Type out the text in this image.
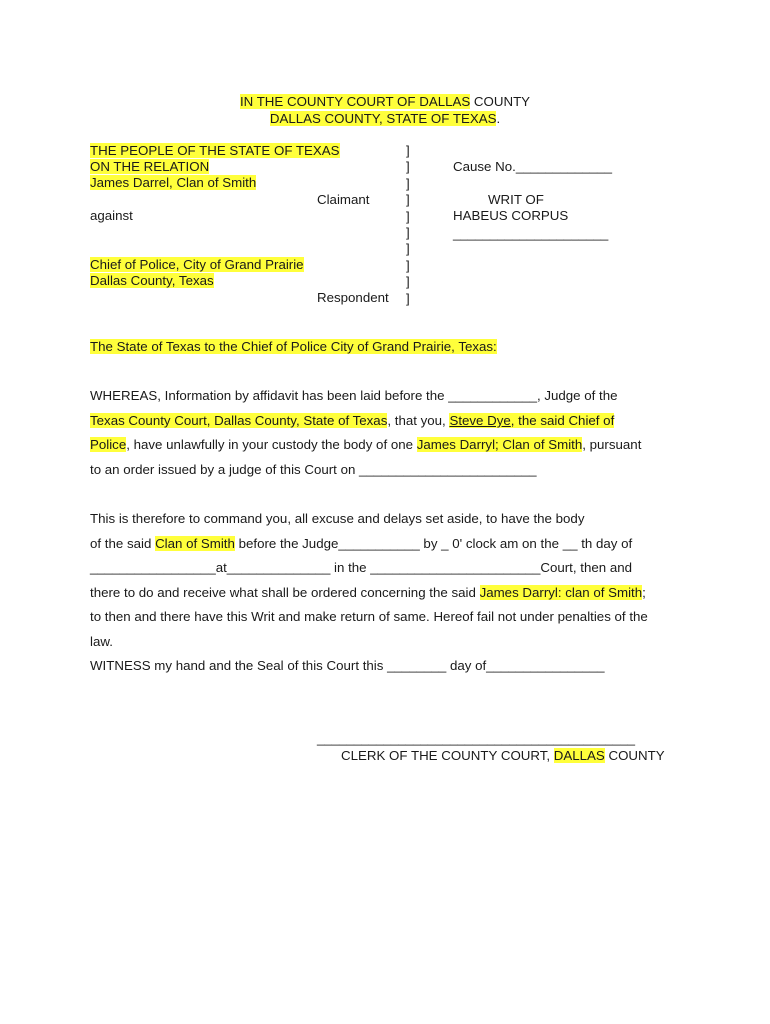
IN THE COUNTY COURT OF DALLAS COUNTY
DALLAS COUNTY, STATE OF TEXAS.
THE PEOPLE OF THE STATE OF TEXAS
ON THE RELATION
James Darrel, Clan of Smith
Claimant
against
Chief of Police, City of Grand Prairie
Dallas County, Texas
Respondent
]
]
]
]
]
]
]
]
]
]
Cause No._____________
WRIT OF
HABEUS CORPUS
_____________________
The State of Texas to the Chief of Police City of Grand Prairie, Texas:
WHEREAS, Information by affidavit has been laid before the ____________, Judge of the
Texas County Court, Dallas County, State of Texas, that you, Steve Dye, the said Chief of
Police, have unlawfully in your custody the body of one James Darryl; Clan of Smith, pursuant
to an order issued by a judge of this Court on ________________________
This is therefore to command you, all excuse and delays set aside, to have the body
of the said Clan of Smith before the Judge___________ by _ 0' clock am on the __ th day of
_________________at______________ in the _______________________Court, then and
there to do and receive what shall be ordered concerning the said James Darryl: clan of Smith;
to then and there have this Writ and make return of same. Hereof fail not under penalties of the
law.
WITNESS my hand and the Seal of this Court this ________ day of________________
___________________________________________
CLERK OF THE COUNTY COURT, DALLAS COUNTY
